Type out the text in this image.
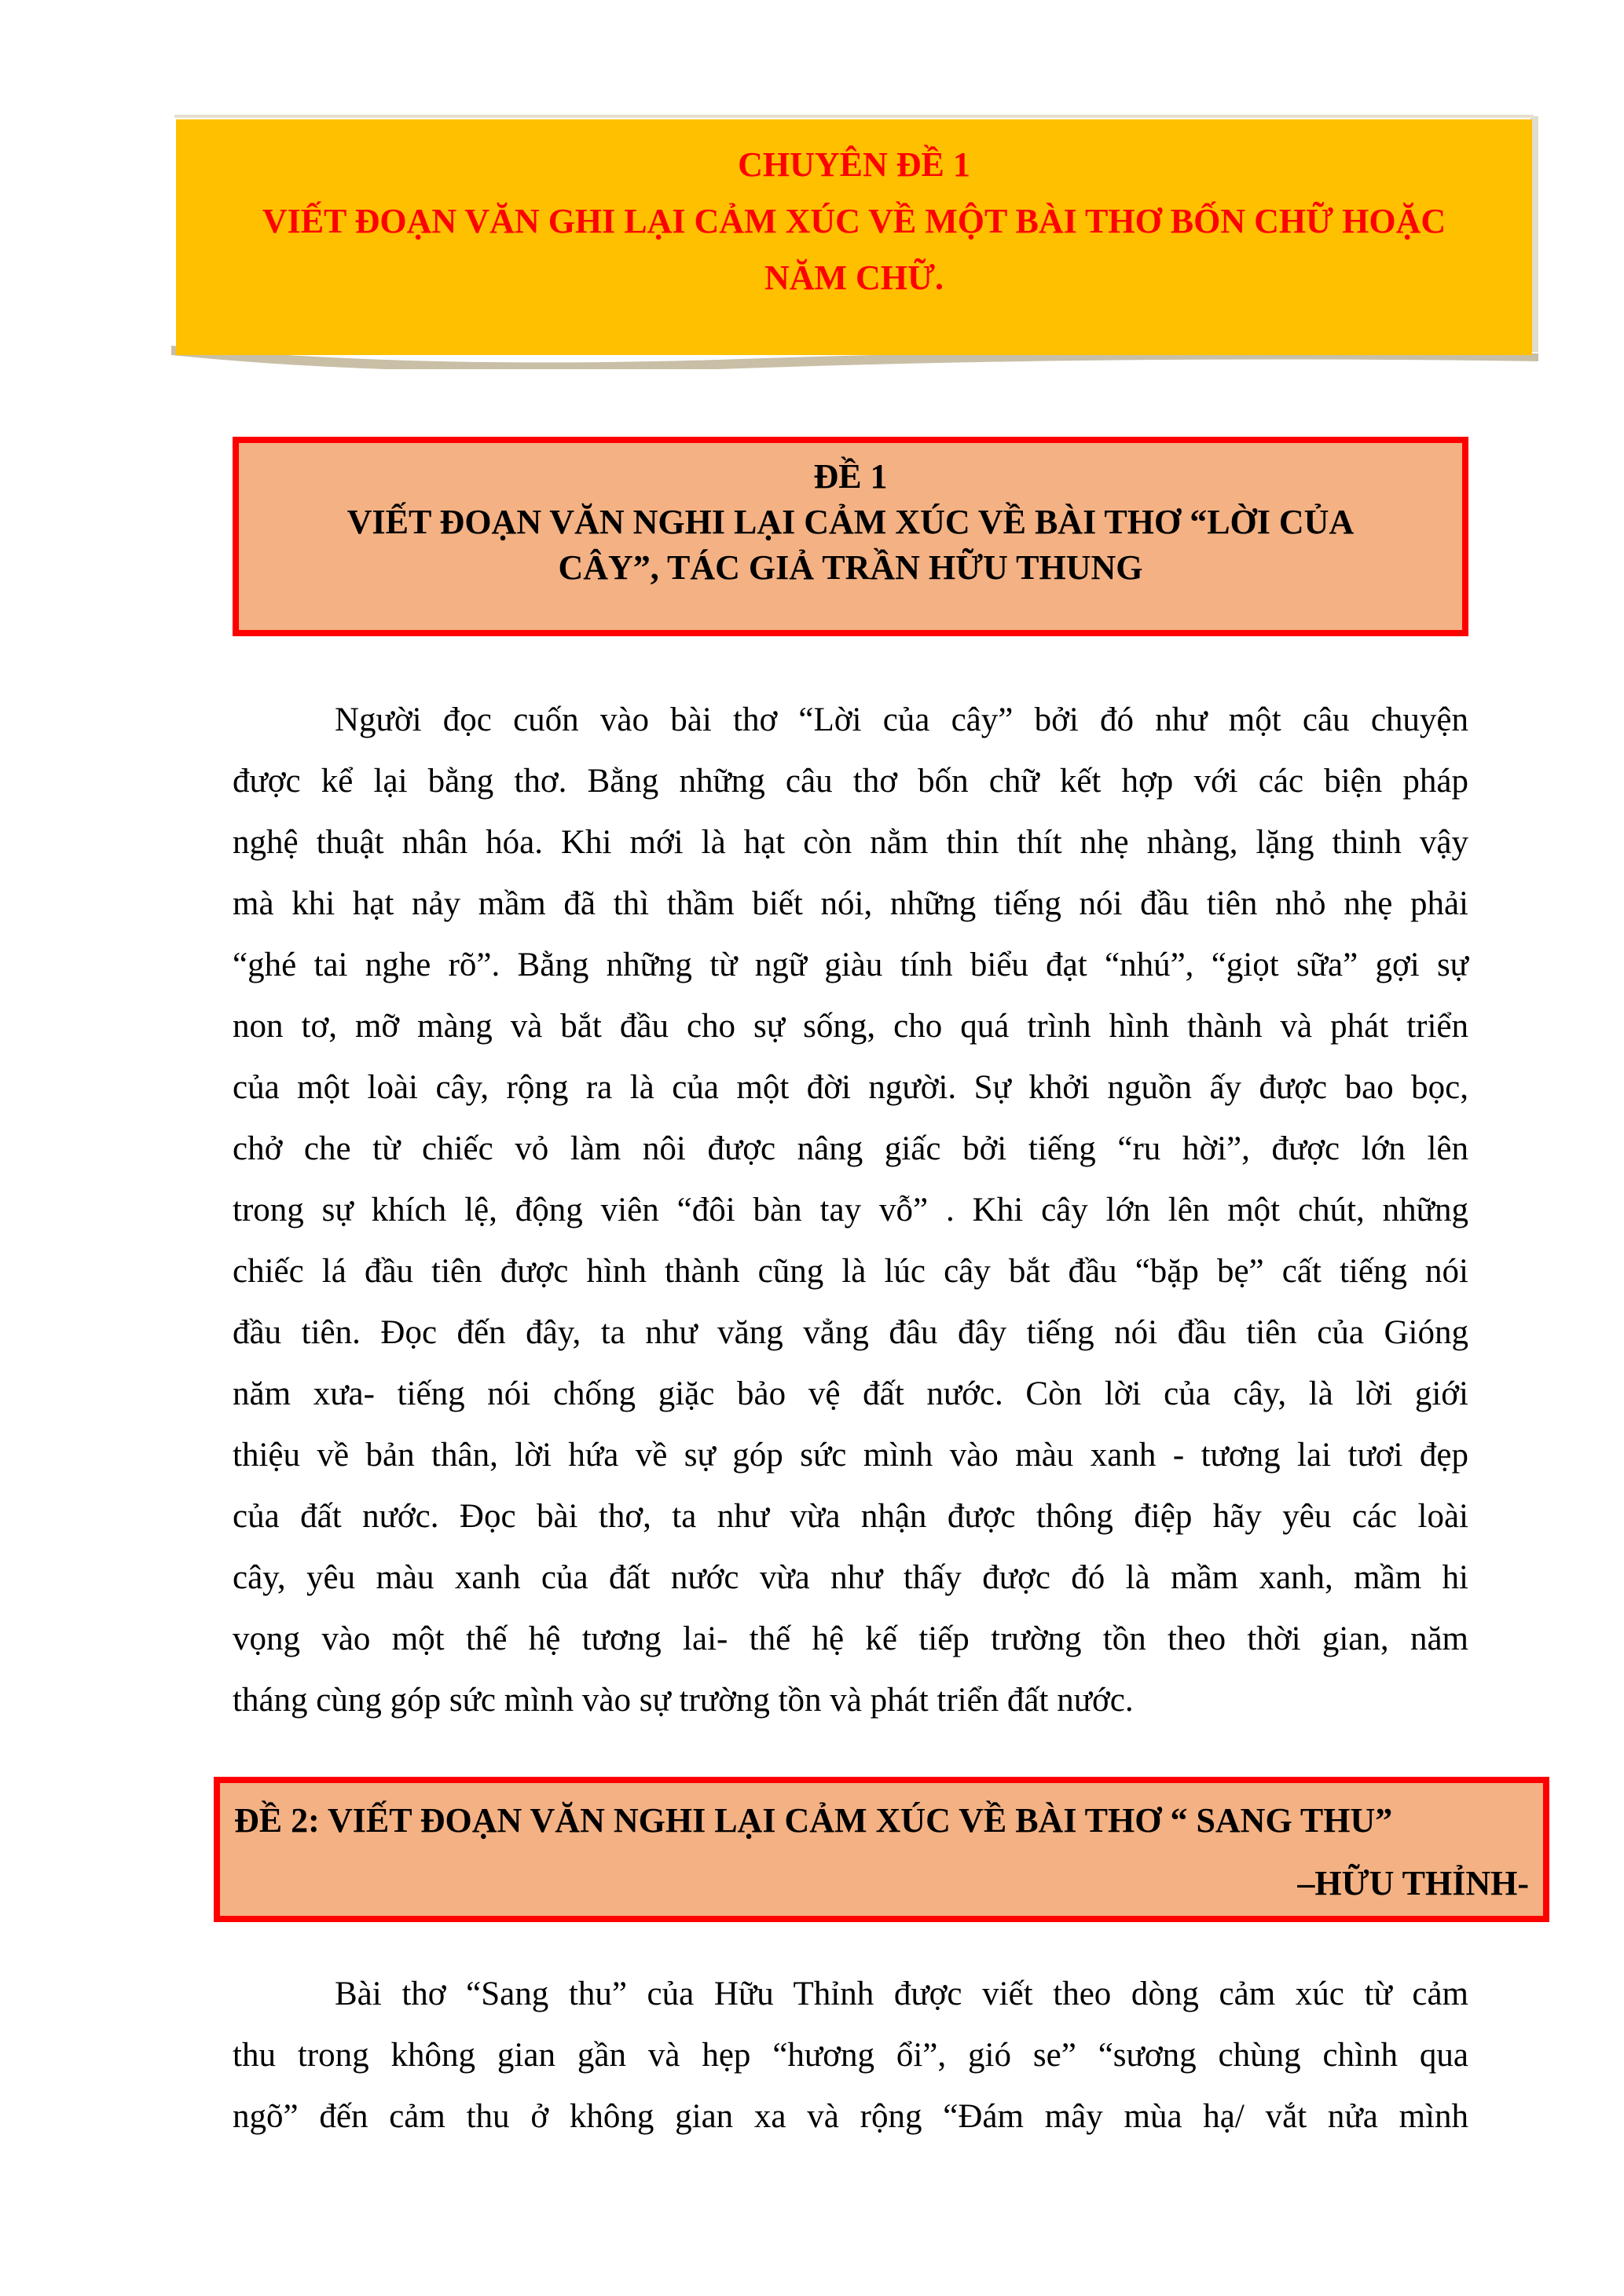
CHUYÊN ĐỀ 1
VIẾT ĐOẠN VĂN GHI LẠI CẢM XÚC VỀ MỘT BÀI THƠ BỐN CHỮ HOẶC
NĂM CHỮ.
ĐỀ 1
VIẾT ĐOẠN VĂN NGHI LẠI CẢM XÚC VỀ BÀI THƠ “LỜI CỦA
CÂY”, TÁC GIẢ TRẦN HỮU THUNG
Người đọc cuốn vào bài thơ “Lời của cây” bởi đó như một câu chuyện
được kể lại bằng thơ. Bằng những câu thơ bốn chữ kết hợp với các biện pháp
nghệ thuật nhân hóa. Khi mới là hạt còn nằm thin thít nhẹ nhàng, lặng thinh vậy
mà khi hạt nảy mầm đã thì thầm biết nói, những tiếng nói đầu tiên nhỏ nhẹ phải
“ghé tai nghe rõ”. Bằng những từ ngữ giàu tính biểu đạt “nhú”, “giọt sữa” gợi sự
non tơ, mỡ màng và bắt đầu cho sự sống, cho quá trình hình thành và phát triển
của một loài cây, rộng ra là của một đời người. Sự khởi nguồn ấy được bao bọc,
chở che từ chiếc vỏ làm nôi được nâng giấc bởi tiếng “ru hời”, được lớn lên
trong sự khích lệ, động viên “đôi bàn tay vỗ” . Khi cây lớn lên một chút, những
chiếc lá đầu tiên được hình thành cũng là lúc cây bắt đầu “bặp bẹ” cất tiếng nói
đầu tiên. Đọc đến đây, ta như văng vẳng đâu đây tiếng nói đầu tiên của Gióng
năm xưa- tiếng nói chống giặc bảo vệ đất nước. Còn lời của cây, là lời giới
thiệu về bản thân, lời hứa về sự góp sức mình vào màu xanh - tương lai tươi đẹp
của đất nước. Đọc bài thơ, ta như vừa nhận được thông điệp hãy yêu các loài
cây, yêu màu xanh của đất nước vừa như thấy được đó là mầm xanh, mầm hi
vọng vào một thế hệ tương lai- thế hệ kế tiếp trường tồn theo thời gian, năm
tháng cùng góp sức mình vào sự trường tồn và phát triển đất nước.
ĐỀ 2: VIẾT ĐOẠN VĂN NGHI LẠI CẢM XÚC VỀ BÀI THƠ “ SANG THU”
–HỮU THỈNH-
Bài thơ “Sang thu” của Hữu Thỉnh được viết theo dòng cảm xúc từ cảm
thu trong không gian gần và hẹp “hương ổi”, gió se” “sương chùng chình qua
ngõ” đến cảm thu ở không gian xa và rộng “Đám mây mùa hạ/ vắt nửa mình
